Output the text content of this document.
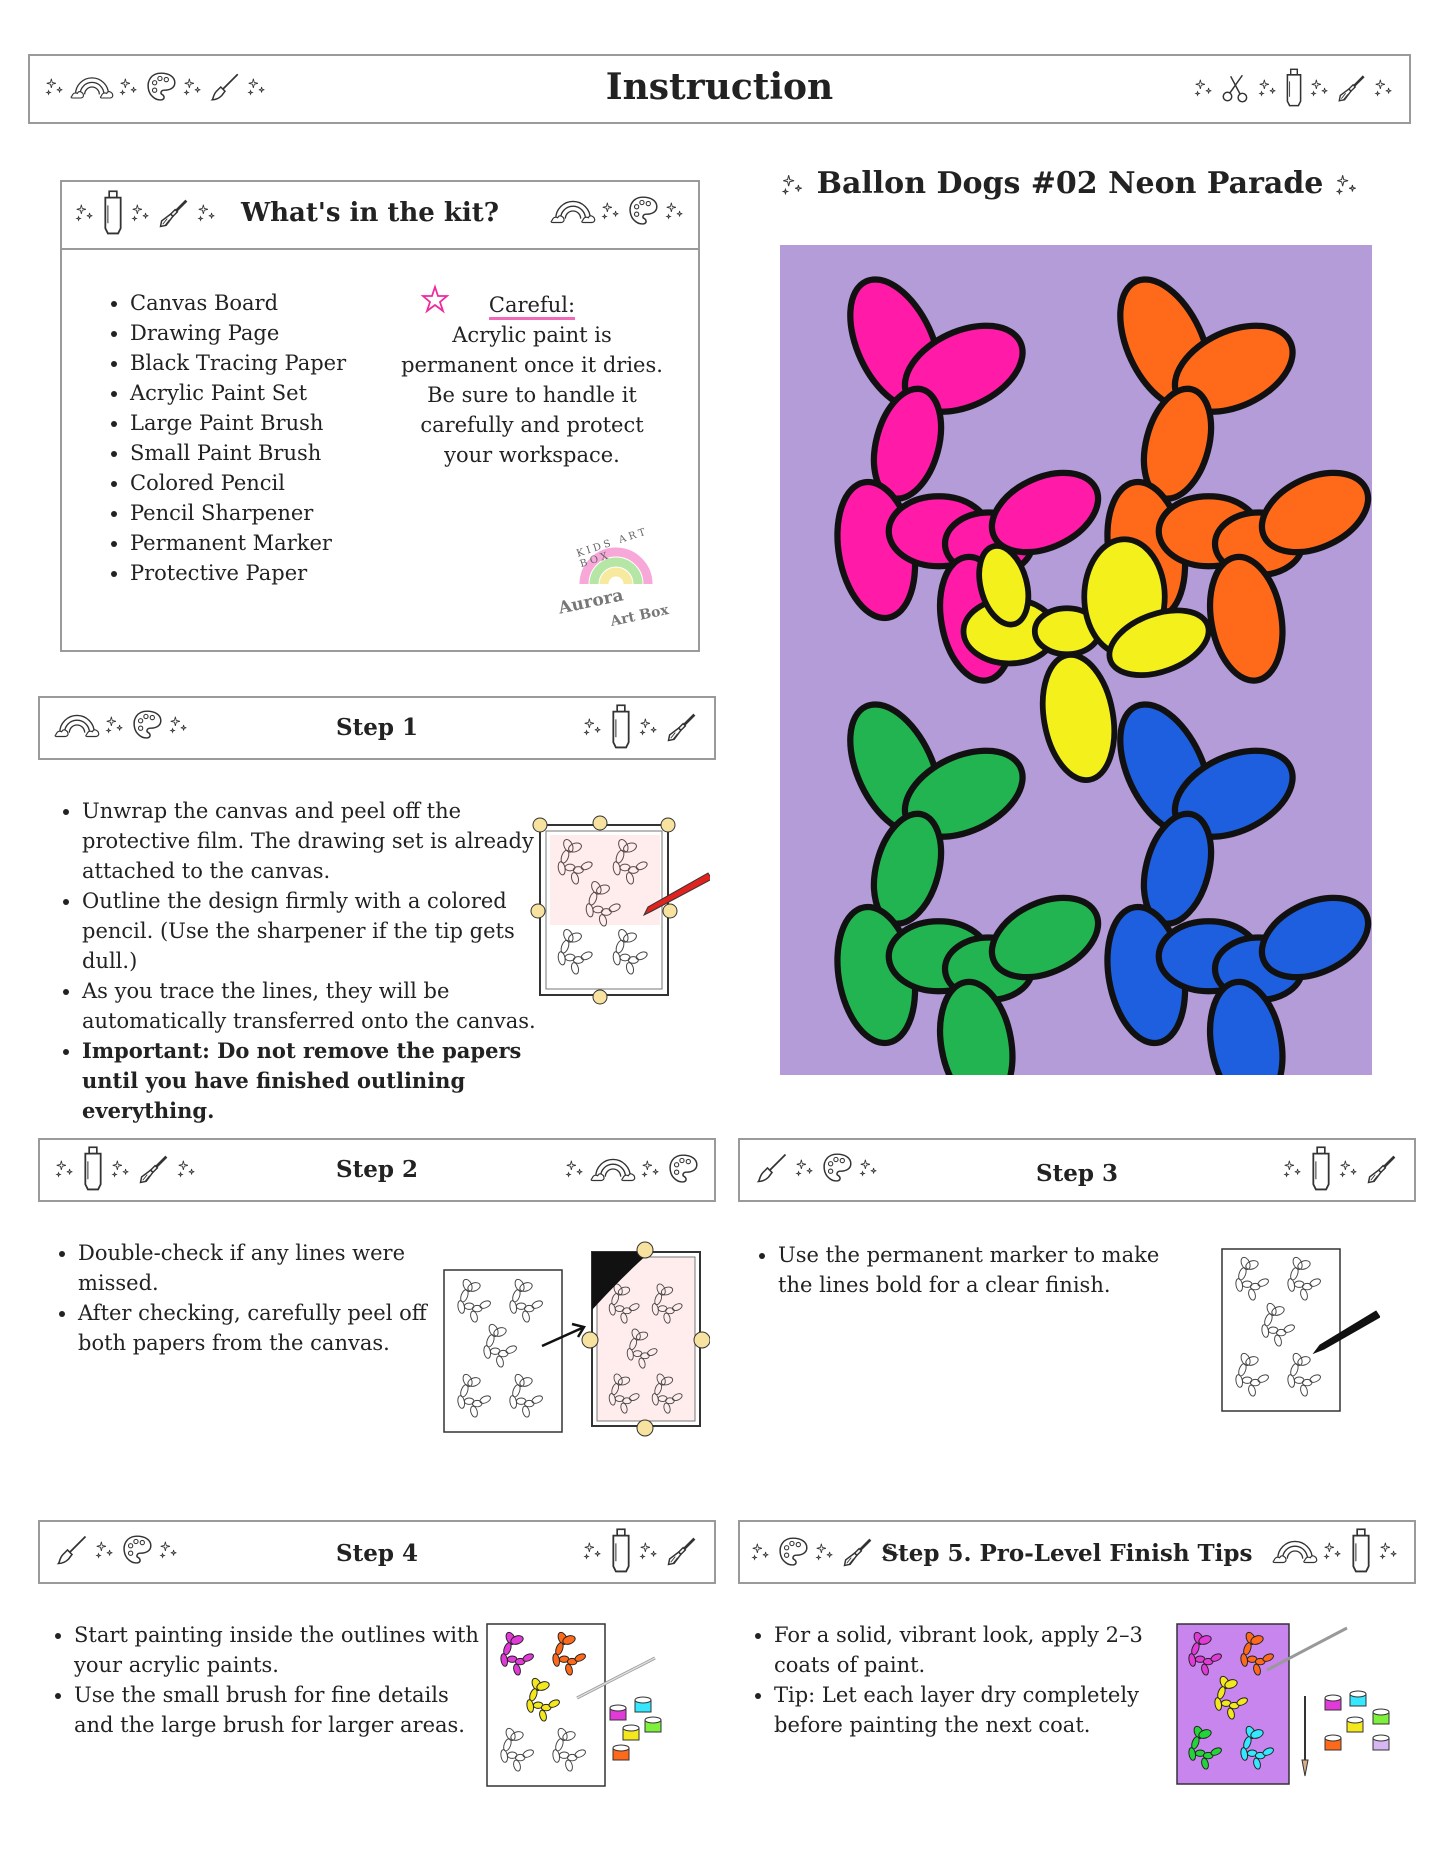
Instruction
What's in the kit?
• Canvas Board
• Drawing Page
• Black Tracing Paper
• Acrylic Paint Set
• Large Paint Brush
• Small Paint Brush
• Colored Pencil
• Pencil Sharpener
• Permanent Marker
• Protective Paper
Careful:
Acrylic paint is
permanent once it dries.
Be sure to handle it
carefully and protect
your workspace.
KIDS ART BOX
Aurora
Art Box
Ballon Dogs #02 Neon Parade
Step 1
• Unwrap the canvas and peel off the protective film. The drawing set is already attached to the canvas.
• Outline the design firmly with a colored pencil. (Use the sharpener if the tip gets dull.)
• As you trace the lines, they will be automatically transferred onto the canvas.
• Important: Do not remove the papers until you have finished outlining everything.
Step 2
• Double-check if any lines were missed.
• After checking, carefully peel off both papers from the canvas.
Step 3
• Use the permanent marker to make the lines bold for a clear finish.
Step 4
• Start painting inside the outlines with your acrylic paints.
• Use the small brush for fine details and the large brush for larger areas.
Step 5. Pro-Level Finish Tips
• For a solid, vibrant look, apply 2–3 coats of paint.
• Tip: Let each layer dry completely before painting the next coat.
